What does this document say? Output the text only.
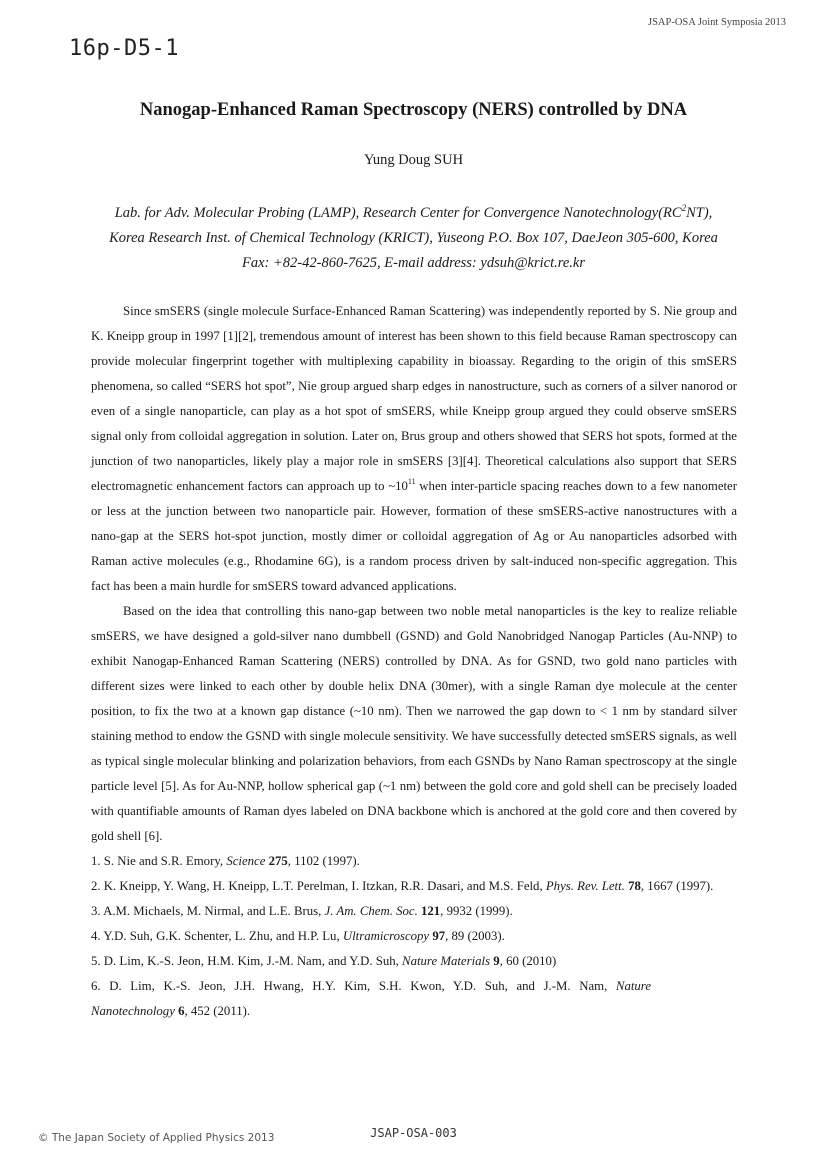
JSAP-OSA Joint Symposia 2013
16p-D5-1
Nanogap-Enhanced Raman Spectroscopy (NERS) controlled by DNA
Yung Doug SUH
Lab. for Adv. Molecular Probing (LAMP), Research Center for Convergence $Nanotechnology(RC^2NT)$,
Korea Research Inst. of Chemical Technology (KRICT), Yuseong P.O. Box 107, DaeJeon 305-600, Korea
Fax: +82-42-860-7625, E-mail address: ydsuh@krict.re.kr

Since smSERS (single molecule Surface-Enhanced Raman Scattering) was independently reported by S. Nie group and K. Kneipp group in 1997 [1][2], tremendous amount of interest has been shown to this field because Raman spectroscopy can provide molecular fingerprint together with multiplexing capability in bioassay. Regarding to the origin of this smSERS phenomena, so called “SERS hot spot”, Nie group argued sharp edges in nanostructure, such as corners of a silver nanorod or even of a single nanoparticle, can play as a hot spot of smSERS, while Kneipp group argued they could observe smSERS signal only from colloidal aggregation in solution. Later on, Brus group and others showed that SERS hot spots, formed at the junction of two nanoparticles, likely play a major role in smSERS [3][4]. Theoretical calculations also support that SERS electromagnetic enhancement factors can approach up to $\sim 10^{11}$ when inter-particle spacing reaches down to a few nanometer or less at the junction between two nanoparticle pair. However, formation of these smSERS-active nanostructures with a nano-gap at the SERS hot-spot junction, mostly dimer or colloidal aggregation of Ag or Au nanoparticles adsorbed with Raman active molecules (e.g., Rhodamine 6G), is a random process driven by salt-induced non-specific aggregation. This fact has been a main hurdle for smSERS toward advanced applications.

Based on the idea that controlling this nano-gap between two noble metal nanoparticles is the key to realize reliable smSERS, we have designed a gold-silver nano dumbbell (GSND) and Gold Nanobridged Nanogap Particles (Au-NNP) to exhibit Nanogap-Enhanced Raman Scattering (NERS) controlled by DNA. As for GSND, two gold nano particles with different sizes were linked to each other by double helix DNA (30mer), with a single Raman dye molecule at the center position, to fix the two at a known gap distance (~10 nm). Then we narrowed the gap down to < 1 nm by standard silver staining method to endow the GSND with single molecule sensitivity. We have successfully detected smSERS signals, as well as typical single molecular blinking and polarization behaviors, from each GSNDs by Nano Raman spectroscopy at the single particle level [5]. As for Au-NNP, hollow spherical gap (~1 nm) between the gold core and gold shell can be precisely loaded with quantifiable amounts of Raman dyes labeled on DNA backbone which is anchored at the gold core and then covered by gold shell [6].

1. S. Nie and S.R. Emory, Science 275, 1102 (1997).
2. K. Kneipp, Y. Wang, H. Kneipp, L.T. Perelman, I. Itzkan, R.R. Dasari, and M.S. Feld, Phys. Rev. Lett. 78, 1667 (1997).
3. A.M. Michaels, M. Nirmal, and L.E. Brus, J. Am. Chem. Soc. 121, 9932 (1999).
4. Y.D. Suh, G.K. Schenter, L. Zhu, and H.P. Lu, Ultramicroscopy 97, 89 (2003).
5. D. Lim, K.-S. Jeon, H.M. Kim, J.-M. Nam, and Y.D. Suh, Nature Materials 9, 60 (2010)
6. D. Lim, K.-S. Jeon, J.H. Hwang, H.Y. Kim, S.H. Kwon, Y.D. Suh, and J.-M. Nam, Nature Nanotechnology 6, 452 (2011).
© The Japan Society of Applied Physics 2013	JSAP-OSA-003
